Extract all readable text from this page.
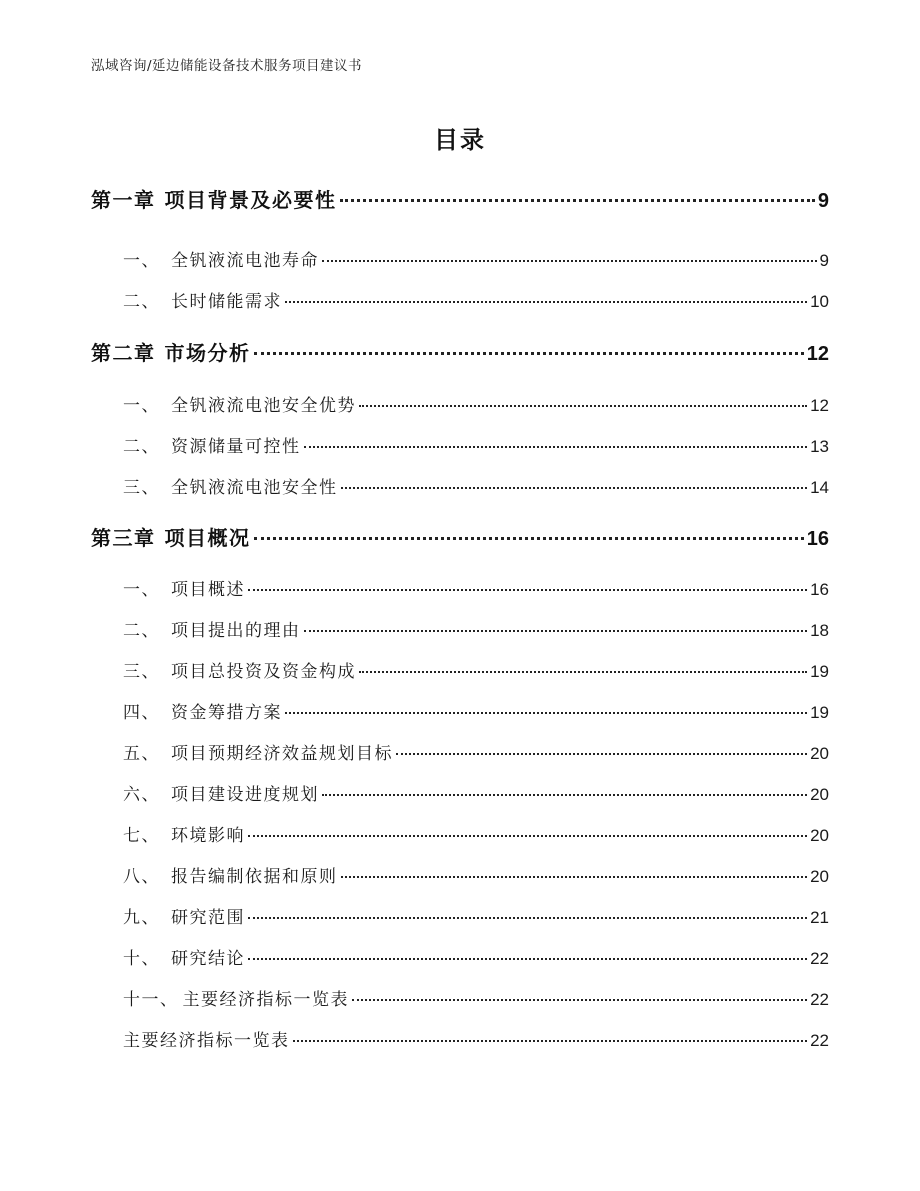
泓域咨询/延边储能设备技术服务项目建议书
目录
第一章 项目背景及必要性	9
一、 全钒液流电池寿命	9
二、 长时储能需求	10
第二章 市场分析	12
一、 全钒液流电池安全优势	12
二、 资源储量可控性	13
三、 全钒液流电池安全性	14
第三章 项目概况	16
一、 项目概述	16
二、 项目提出的理由	18
三、 项目总投资及资金构成	19
四、 资金筹措方案	19
五、 项目预期经济效益规划目标	20
六、 项目建设进度规划	20
七、 环境影响	20
八、 报告编制依据和原则	20
九、 研究范围	21
十、 研究结论	22
十一、 主要经济指标一览表	22
主要经济指标一览表	22
